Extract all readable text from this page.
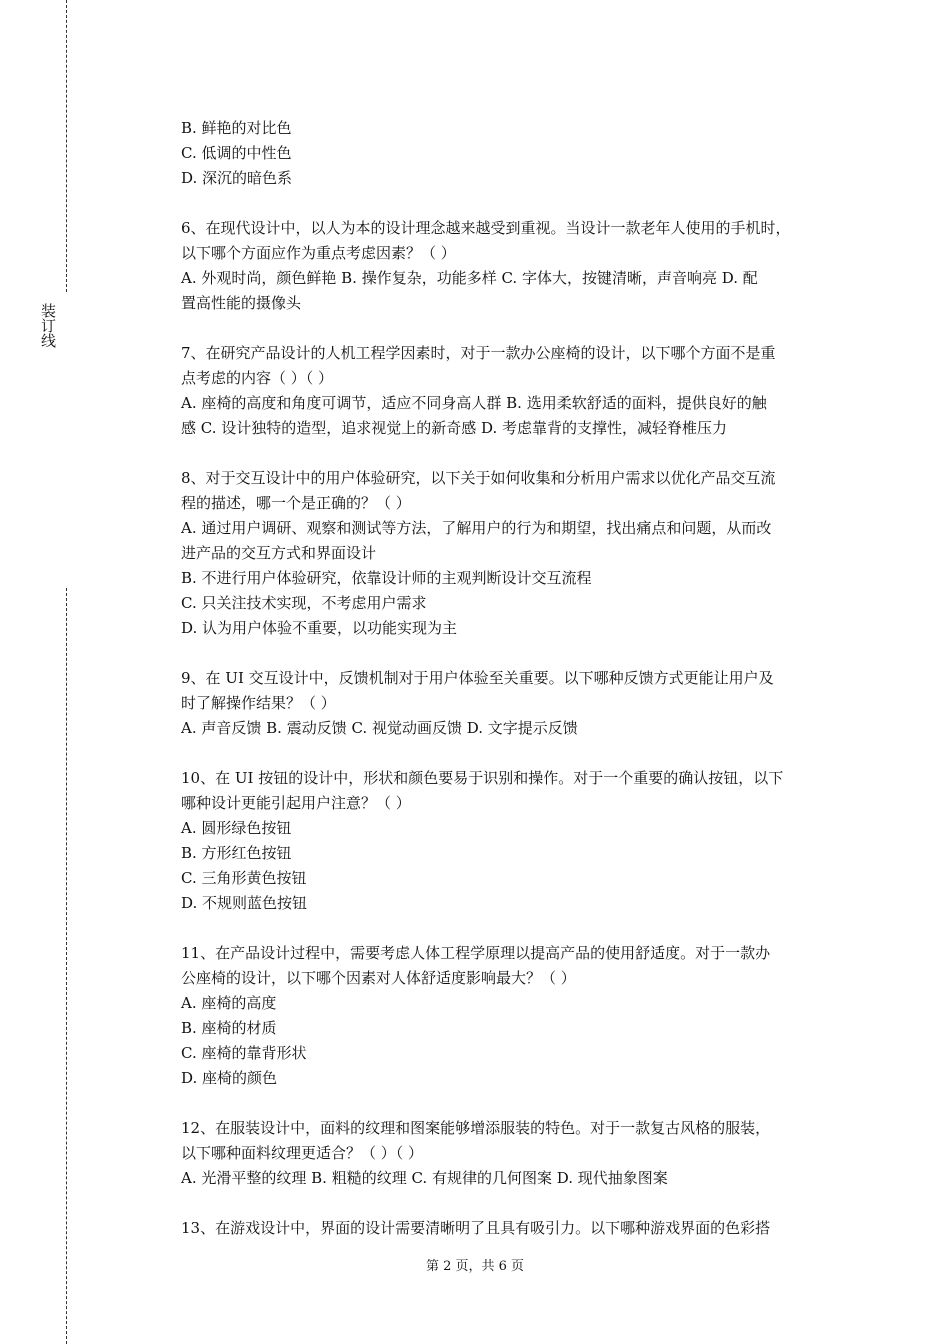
装订线
B. 鲜艳的对比色
C. 低调的中性色
D. 深沉的暗色系
6、在现代设计中，以人为本的设计理念越来越受到重视。当设计一款老年人使用的手机时，
以下哪个方面应作为重点考虑因素？（ ）
A. 外观时尚，颜色鲜艳 B. 操作复杂，功能多样 C. 字体大，按键清晰，声音响亮 D. 配
置高性能的摄像头
7、在研究产品设计的人机工程学因素时，对于一款办公座椅的设计，以下哪个方面不是重
点考虑的内容（ ）（ ）
A. 座椅的高度和角度可调节，适应不同身高人群 B. 选用柔软舒适的面料，提供良好的触
感 C. 设计独特的造型，追求视觉上的新奇感 D. 考虑靠背的支撑性，减轻脊椎压力
8、对于交互设计中的用户体验研究，以下关于如何收集和分析用户需求以优化产品交互流
程的描述，哪一个是正确的？（ ）
A. 通过用户调研、观察和测试等方法，了解用户的行为和期望，找出痛点和问题，从而改
进产品的交互方式和界面设计
B. 不进行用户体验研究，依靠设计师的主观判断设计交互流程
C. 只关注技术实现，不考虑用户需求
D. 认为用户体验不重要，以功能实现为主
9、在 UI 交互设计中，反馈机制对于用户体验至关重要。以下哪种反馈方式更能让用户及
时了解操作结果？（ ）
A. 声音反馈 B. 震动反馈 C. 视觉动画反馈 D. 文字提示反馈
10、在 UI 按钮的设计中，形状和颜色要易于识别和操作。对于一个重要的确认按钮，以下
哪种设计更能引起用户注意？（ ）
A. 圆形绿色按钮
B. 方形红色按钮
C. 三角形黄色按钮
D. 不规则蓝色按钮
11、在产品设计过程中，需要考虑人体工程学原理以提高产品的使用舒适度。对于一款办
公座椅的设计，以下哪个因素对人体舒适度影响最大？（ ）
A. 座椅的高度
B. 座椅的材质
C. 座椅的靠背形状
D. 座椅的颜色
12、在服装设计中，面料的纹理和图案能够增添服装的特色。对于一款复古风格的服装，
以下哪种面料纹理更适合？（ ）（ ）
A. 光滑平整的纹理 B. 粗糙的纹理 C. 有规律的几何图案 D. 现代抽象图案
13、在游戏设计中，界面的设计需要清晰明了且具有吸引力。以下哪种游戏界面的色彩搭
第 2 页，共 6 页
